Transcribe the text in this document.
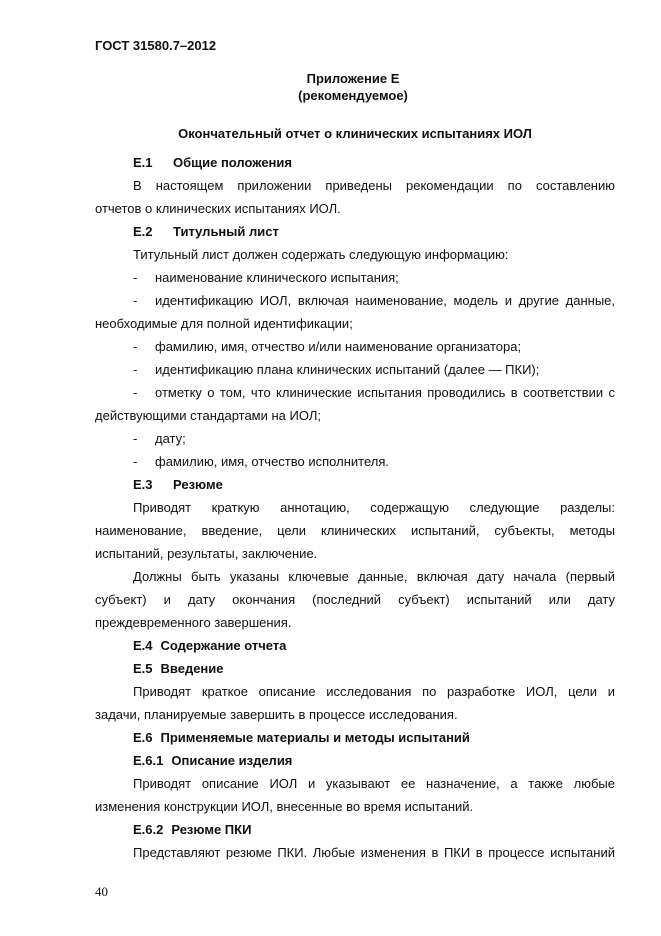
ГОСТ 31580.7–2012
Приложение Е
(рекомендуемое)
Окончательный отчет о клинических испытаниях ИОЛ
Е.1 Общие положения
В настоящем приложении приведены рекомендации по составлению
отчетов о клинических испытаниях ИОЛ.
Е.2 Титульный лист
Титульный лист должен содержать следующую информацию:
- наименование клинического испытания;
- идентификацию ИОЛ, включая наименование, модель и другие данные,
необходимые для полной идентификации;
- фамилию, имя, отчество и/или наименование организатора;
- идентификацию плана клинических испытаний (далее — ПКИ);
- отметку о том, что клинические испытания проводились в соответствии с
действующими стандартами на ИОЛ;
- дату;
- фамилию, имя, отчество исполнителя.
Е.3 Резюме
Приводят краткую аннотацию, содержащую следующие разделы:
наименование, введение, цели клинических испытаний, субъекты, методы
испытаний, результаты, заключение.
Должны быть указаны ключевые данные, включая дату начала (первый
субъект) и дату окончания (последний субъект) испытаний или дату
преждевременного завершения.
Е.4 Содержание отчета
Е.5 Введение
Приводят краткое описание исследования по разработке ИОЛ, цели и
задачи, планируемые завершить в процессе исследования.
Е.6 Применяемые материалы и методы испытаний
Е.6.1 Описание изделия
Приводят описание ИОЛ и указывают ее назначение, а также любые
изменения конструкции ИОЛ, внесенные во время испытаний.
Е.6.2 Резюме ПКИ
Представляют резюме ПКИ. Любые изменения в ПКИ в процессе испытаний
40
